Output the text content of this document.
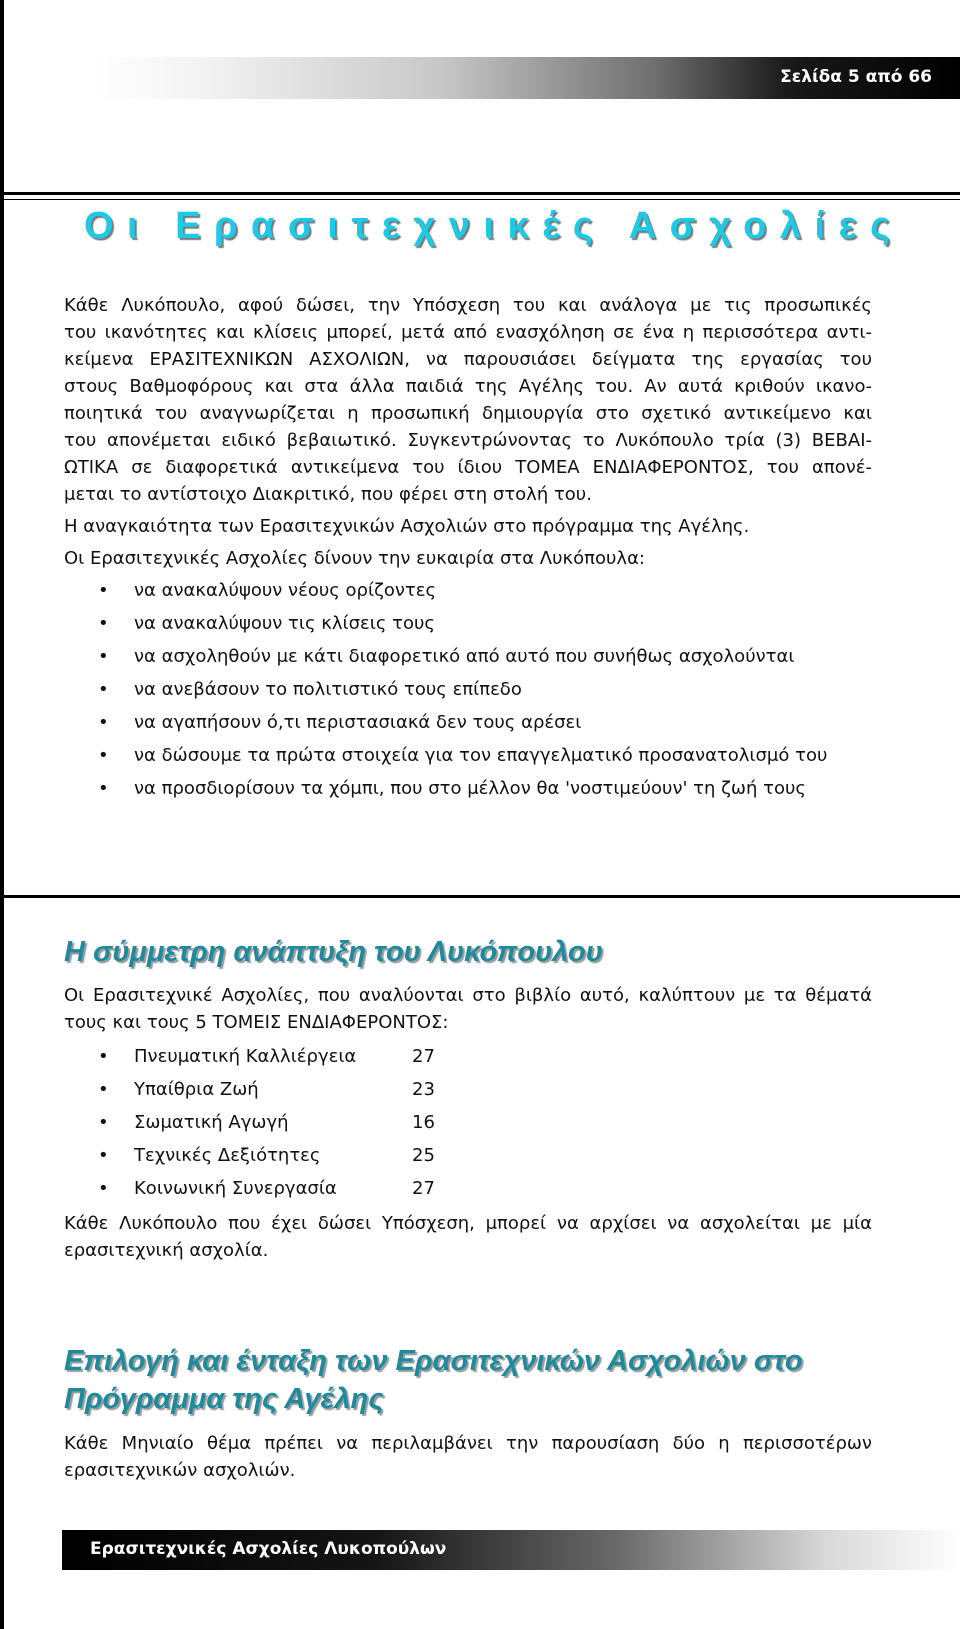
Σελίδα 5 από 66
Οι Ερασιτεχνικές Ασχολίες

Κάθε Λυκόπουλο, αφού δώσει, την Υπόσχεση του και ανάλογα με τις προσωπικές

του ικανότητες και κλίσεις μπορεί, μετά από ενασχόληση σε ένα η περισσότερα αντι-

κείμενα ΕΡΑΣΙΤΕΧΝΙΚΩΝ ΑΣΧΟΛΙΩΝ, να παρουσιάσει δείγματα της εργασίας του

στους Βαθμοφόρους και στα άλλα παιδιά της Αγέλης του. Αν αυτά κριθούν ικανο-

ποιητικά του αναγνωρίζεται η προσωπική δημιουργία στο σχετικό αντικείμενο και

του απονέμεται ειδικό βεβαιωτικό. Συγκεντρώνοντας το Λυκόπουλο τρία (3) ΒΕΒΑΙ-

ΩΤΙΚΑ σε διαφορετικά αντικείμενα του ίδιου ΤΟΜΕΑ ΕΝΔΙΑΦΕΡΟΝΤΟΣ, του απονέ-

μεται το αντίστοιχο Διακριτικό, που φέρει στη στολή του.

Η αναγκαιότητα των Ερασιτεχνικών Ασχολιών στο πρόγραμμα της Αγέλης.

Οι Ερασιτεχνικές Ασχολίες δίνουν την ευκαιρία στα Λυκόπουλα:

• να ανακαλύψουν νέους ορίζοντες
• να ανακαλύψουν τις κλίσεις τους
• να ασχοληθούν με κάτι διαφορετικό από αυτό που συνήθως ασχολούνται
• να ανεβάσουν το πολιτιστικό τους επίπεδο
• να αγαπήσουν ό,τι περιστασιακά δεν τους αρέσει
• να δώσουμε τα πρώτα στοιχεία για τον επαγγελματικό προσανατολισμό του
• να προσδιορίσουν τα χόμπι, που στο μέλλον θα 'νοστιμεύουν' τη ζωή τους
Η σύμμετρη ανάπτυξη του Λυκόπουλου

Οι Ερασιτεχνικέ Ασχολίες, που αναλύονται στο βιβλίο αυτό, καλύπτουν με τα θέματά

τους και τους 5 ΤΟΜΕΙΣ ΕΝΔΙΑΦΕΡΟΝΤΟΣ:

• Πνευματική Καλλιέργεια	27
• Υπαίθρια Ζωή	23
• Σωματική Αγωγή	16
• Τεχνικές Δεξιότητες	25
• Κοινωνική Συνεργασία	27

Κάθε Λυκόπουλο που έχει δώσει Υπόσχεση, μπορεί να αρχίσει να ασχολείται με μία

ερασιτεχνική ασχολία.

Επιλογή και ένταξη των Ερασιτεχνικών Ασχολιών στο
Πρόγραμμα της Αγέλης

Κάθε Μηνιαίο θέμα πρέπει να περιλαμβάνει την παρουσίαση δύο η περισσοτέρων

ερασιτεχνικών ασχολιών.

Ερασιτεχνικές Ασχολίες Λυκοπούλων
